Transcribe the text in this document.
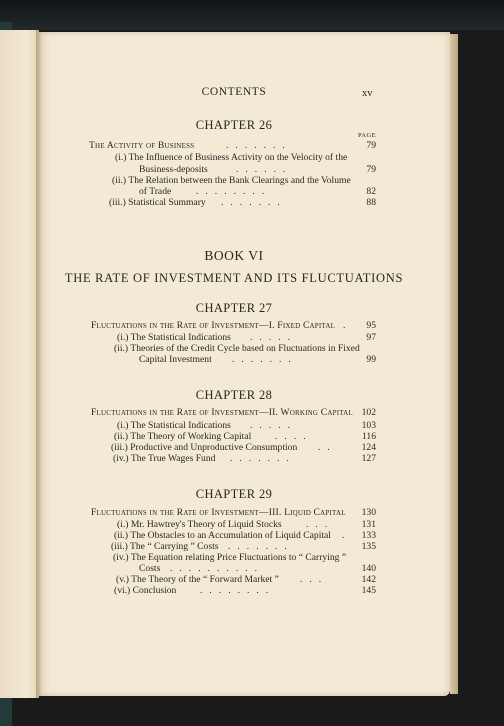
CONTENTS	xv
CHAPTER 26
PAGE
The Activity of Business	.......	79
(i.) The Influence of Business Activity on the Velocity of the
Business-deposits	......	79
(ii.) The Relation between the Bank Clearings and the Volume
of Trade	........	82
(iii.) Statistical Summary .......	88
BOOK VI
THE RATE OF INVESTMENT AND ITS FLUCTUATIONS
CHAPTER 27
Fluctuations in the Rate of Investment—I. Fixed Capital .	95
(i.) The Statistical Indications .....	97
(ii.) Theories of the Credit Cycle based on Fluctuations in Fixed
Capital Investment .......	99
CHAPTER 28
Fluctuations in the Rate of Investment—II. Working Capital 102
(i.) The Statistical Indications .....	103
(ii.) The Theory of Working Capital ....	116
(iii.) Productive and Unproductive Consumption ..	124
(iv.) The True Wages Fund .......	127
CHAPTER 29
Fluctuations in the Rate of Investment—III. Liquid Capital	130
(i.) Mr. Hawtrey's Theory of Liquid Stocks	...	131
(ii.) The Obstacles to an Accumulation of Liquid Capital .	133
(iii.) The “ Carrying ” Costs .......	135
(iv.) The Equation relating Price Fluctuations to “ Carrying ”
Costs ..........	140
(v.) The Theory of the “ Forward Market ” ...	142
(vi.) Conclusion ........	145
